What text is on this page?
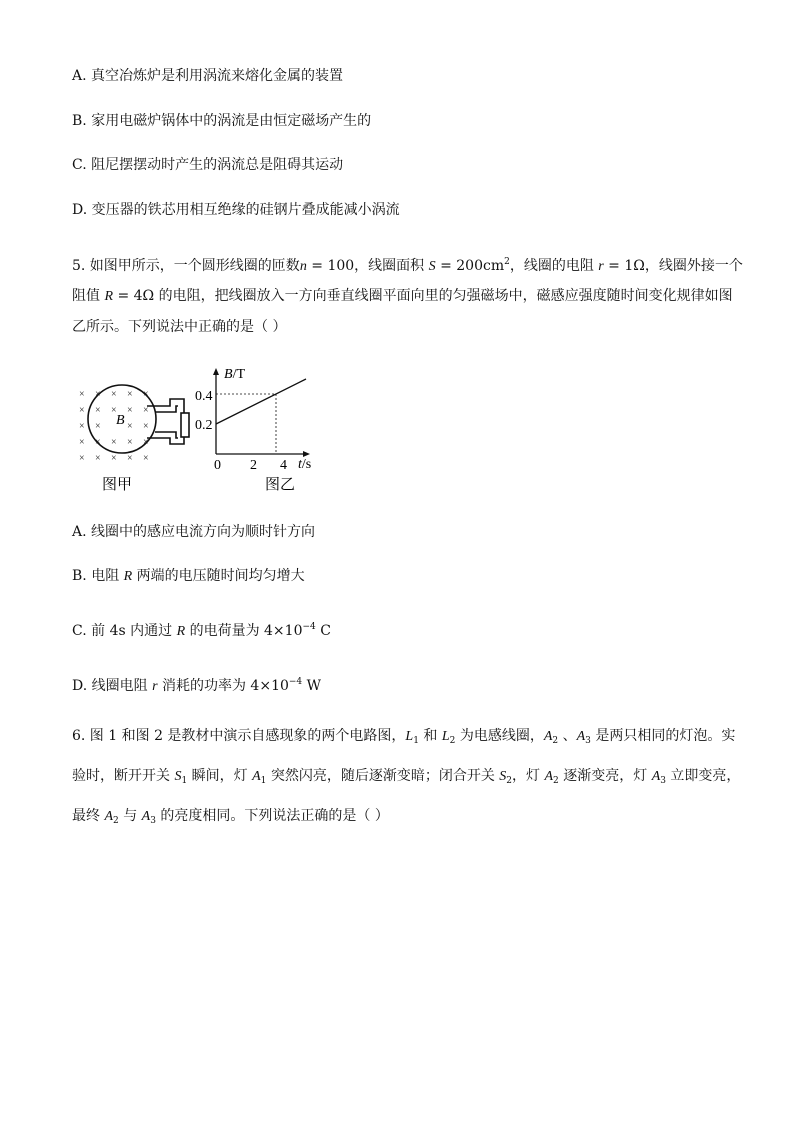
A. 真空冶炼炉是利用涡流来熔化金属的装置
B. 家用电磁炉锅体中的涡流是由恒定磁场产生的
C. 阻尼摆摆动时产生的涡流总是阻碍其运动
D. 变压器的铁芯用相互绝缘的硅钢片叠成能减小涡流
5. 如图甲所示，一个圆形线圈的匝数n = 100，线圈面积 $S = 200cm^2$，线圈的电阻 r = 1Ω，线圈外接一个
阻值 R = 4Ω 的电阻，把线圈放入一方向垂直线圈平面向里的匀强磁场中，磁感应强度随时间变化规律如图
乙所示。下列说法中正确的是（ ）
× × × × ×
× × × × ×
× ×	× ×
× × × × ×
× × × × ×
B
B/T
t/s
0
0.4
0.2
2 4
图甲	图乙
A. 线圈中的感应电流方向为顺时针方向
B. 电阻 R 两端的电压随时间均匀增大
C. 前 4s 内通过 R 的电荷量为 $4\times 10^{-4}$ C
D. 线圈电阻 r 消耗的功率为 $4\times 10^{-4}$ W
6. 图 1 和图 2 是教材中演示自感现象的两个电路图，$L_1$ 和 $L_2$ 为电感线圈，$A_2$ 、$A_3$ 是两只相同的灯泡。实
验时，断开开关 $S_1$ 瞬间，灯 $A_1$ 突然闪亮，随后逐渐变暗；闭合开关 $S_2$，灯 $A_2$ 逐渐变亮，灯 $A_3$ 立即变亮，
最终 $A_2$ 与 $A_3$ 的亮度相同。下列说法正确的是（ ）
